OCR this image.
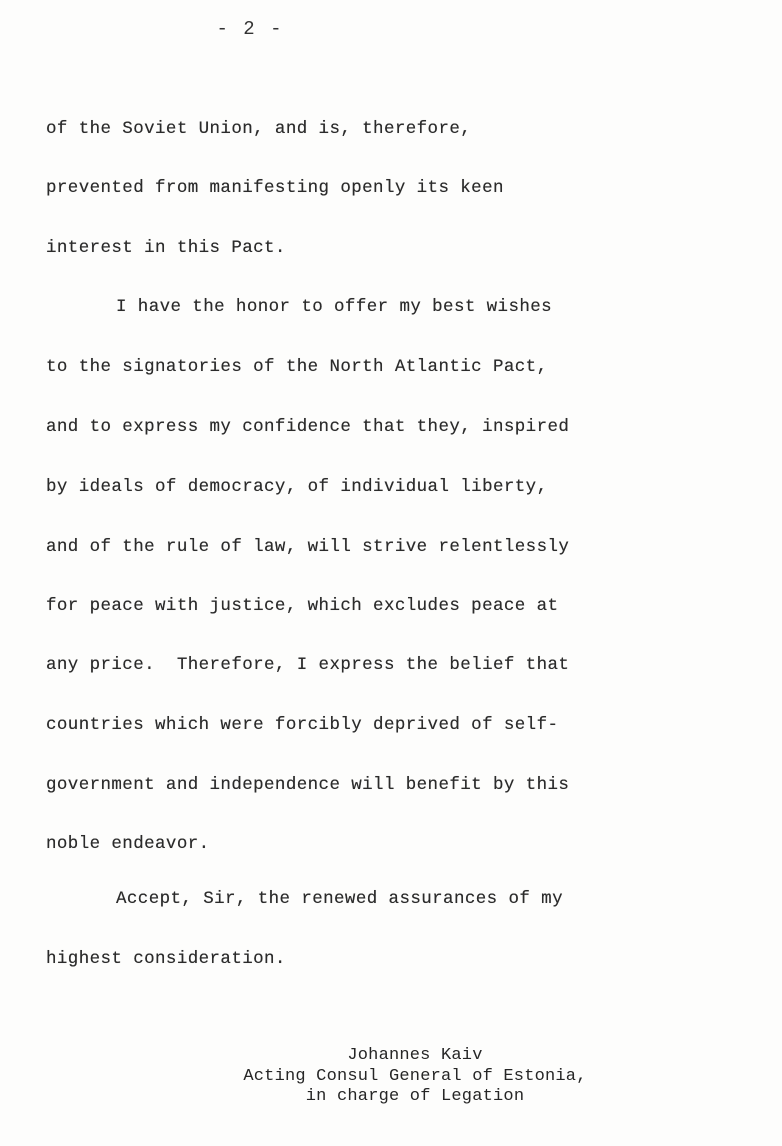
- 2 -
of the Soviet Union, and is, therefore,
prevented from manifesting openly its keen
interest in this Pact.
I have the honor to offer my best wishes
to the signatories of the North Atlantic Pact,
and to express my confidence that they, inspired
by ideals of democracy, of individual liberty,
and of the rule of law, will strive relentlessly
for peace with justice, which excludes peace at
any price.  Therefore, I express the belief that
countries which were forcibly deprived of self-
government and independence will benefit by this
noble endeavor.
Accept, Sir, the renewed assurances of my
highest consideration.
Johannes Kaiv
Acting Consul General of Estonia,
in charge of Legation
